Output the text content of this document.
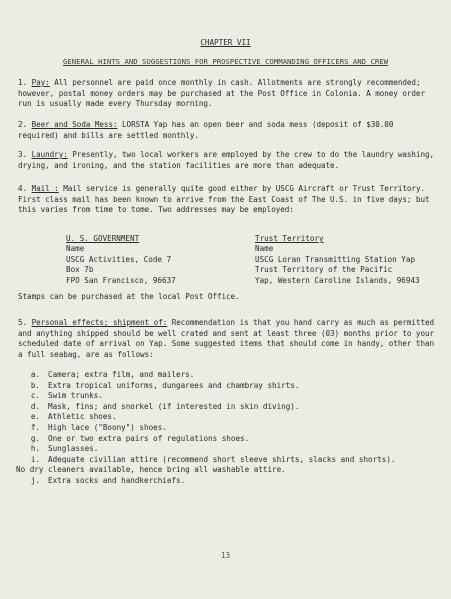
CHAPTER VII
GENERAL HINTS AND SUGGESTIONS FOR PROSPECTIVE COMMANDING OFFICERS AND CREW
1. Pay: All personnel are paid once monthly in cash. Allotments are strongly recommended; however, postal money orders may be purchased at the Post Office in Colonia. A money order run is usually made every Thursday morning.
2. Beer and Soda Mess: LORSTA Yap has an open beer and soda mess (deposit of $30.00 required) and bills are settled monthly.
3. Laundry: Presently, two local workers are employed by the crew to do the laundry washing, drying, and ironing, and the station facilities are more than adequate.
4. Mail : Mail service is generally quite good either by USCG Aircraft or Trust Territory. First class mail has been known to arrive from the East Coast of The U.S. in five days; but this varies from time to tome. Two addresses may be employed:
U. S. GOVERNMENT
Name
USCG Activities, Code 7
Box 7b
FPO San Francisco, 96637
Trust Territory
Name
USCG Loran Transmitting Station Yap
Trust Territory of the Pacific
Yap, Western Caroline Islands, 96943
Stamps can be purchased at the local Post Office.
5. Personal effects; shipment of: Recommendation is that you hand carry as much as permitted and anything shipped should be well crated and sent at least three (03) months prior to your scheduled date of arrival on Yap. Some suggested items that should come in handy, other than a full seabag, are as follows:
a. Camera; extra film, and mailers.
b. Extra tropical uniforms, dungarees and chambray shirts.
c. Swim trunks.
d. Mask, fins; and snorkel (if interested in skin diving).
e. Athletic shoes.
f. High lace ("Boony") shoes.
g. One or two extra pairs of regulations shoes.
h. Sunglasses.
i. Adequate civilian attire (recommend short sleeve shirts, slacks and shorts).
No dry cleaners available, hence bring all washable attire.
j. Extra socks and handkerchiefs.
13
